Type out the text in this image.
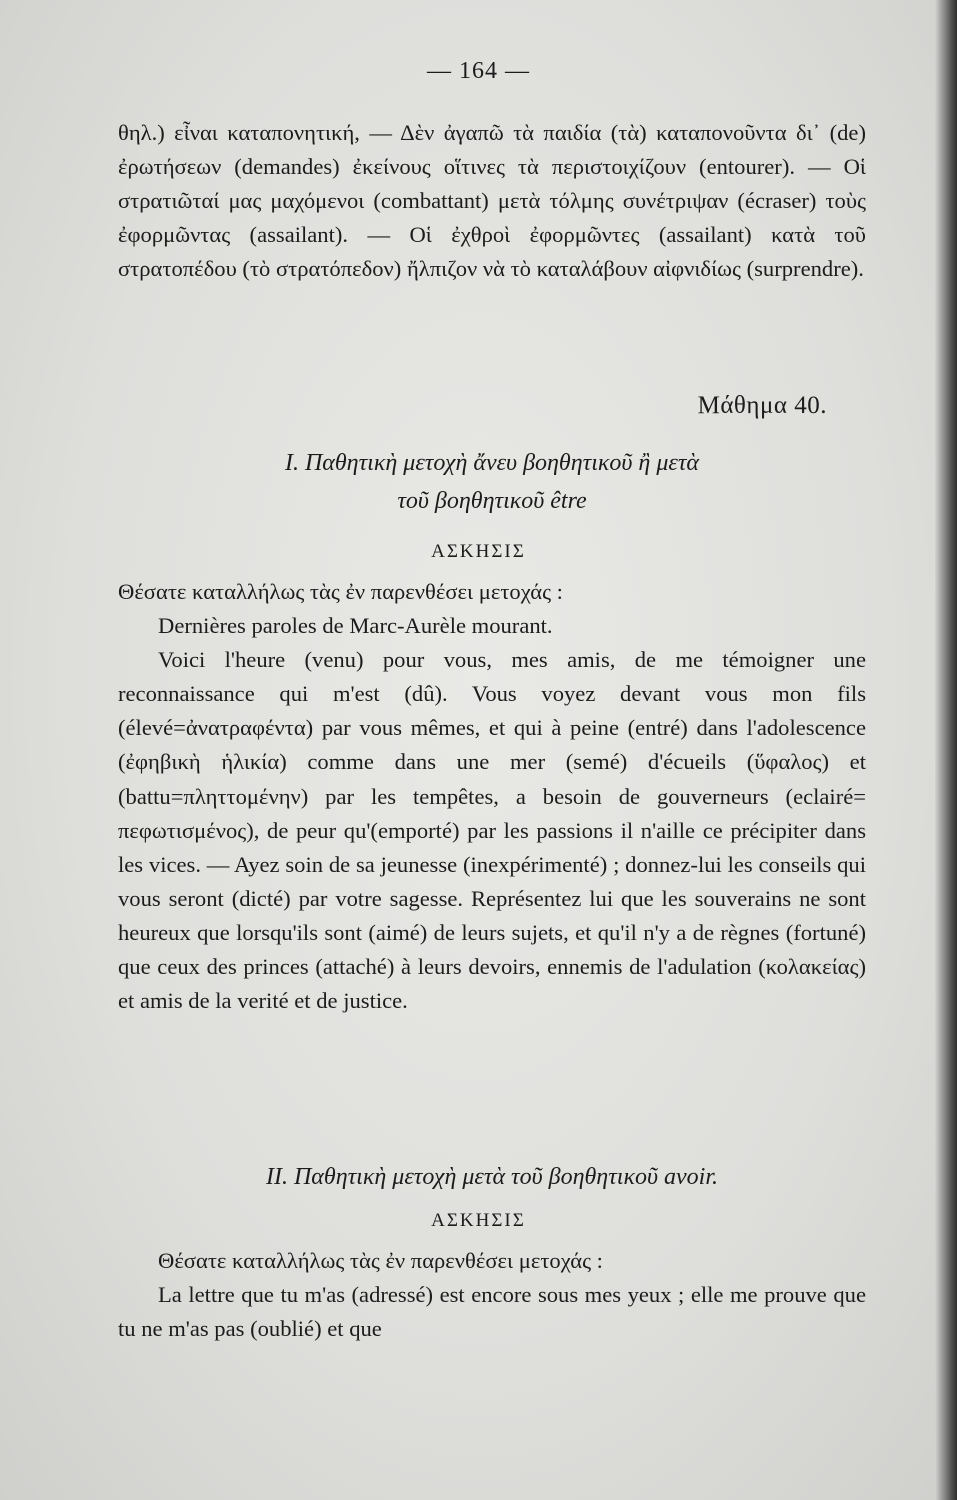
— 164 —

θηλ.) εἶναι καταπονητική, — Δὲν ἀγαπῶ τὰ παιδία (τὰ) καταπονοῦντα δι᾽ (de) ἐρωτήσεων (demandes) ἐκείνους οἵτινες τὰ περιστοιχίζουν (entourer). — Οἱ στρατιῶταί μας μαχόμενοι (combattant) μετὰ τόλμης συνέτριψαν (écraser) τοὺς ἐφορμῶντας (assailant). — Οἱ ἐχθροὶ ἐφορμῶντες (assailant) κατὰ τοῦ στρατοπέδου (τὸ στρατόπεδον) ἤλπιζον νὰ τὸ καταλάβουν αἰφνιδίως (surprendre).

Μάθημα 40.
I. Παθητικὴ μετοχὴ ἄνευ βοηθητικοῦ ἢ μετὰ
τοῦ βοηθητικοῦ être
ΑΣΚΗΣΙΣ

Θέσατε καταλλήλως τὰς ἐν παρενθέσει μετοχάς :

Dernières paroles de Marc-Aurèle mourant.

Voici l'heure (venu) pour vous, mes amis, de me témoigner une reconnaissance qui m'est (dû). Vous voyez devant vous mon fils (élevé=ἀνατραφέντα) par vous mêmes, et qui à peine (entré) dans l'adolescence (ἐφηβικὴ ἡλικία) comme dans une mer (semé) d'écueils (ὕφαλος) et (battu=πληττομένην) par les tempêtes, a besoin de gouverneurs (eclairé= πεφωτισμένος), de peur qu'(emporté) par les passions il n'aille ce précipiter dans les vices. — Ayez soin de sa jeunesse (inexpérimenté) ; donnez-lui les conseils qui vous seront (dicté) par votre sagesse. Représentez lui que les souverains ne sont heureux que lorsqu'ils sont (aimé) de leurs sujets, et qu'il n'y a de règnes (fortuné) que ceux des princes (attaché) à leurs devoirs, ennemis de l'adulation (κολακείας) et amis de la verité et de justice.

II. Παθητικὴ μετοχὴ μετὰ τοῦ βοηθητικοῦ avoir.
ΑΣΚΗΣΙΣ

Θέσατε καταλλήλως τὰς ἐν παρενθέσει μετοχάς :

La lettre que tu m'as (adressé) est encore sous mes yeux ; elle me prouve que tu ne m'as pas (oublié) et que
